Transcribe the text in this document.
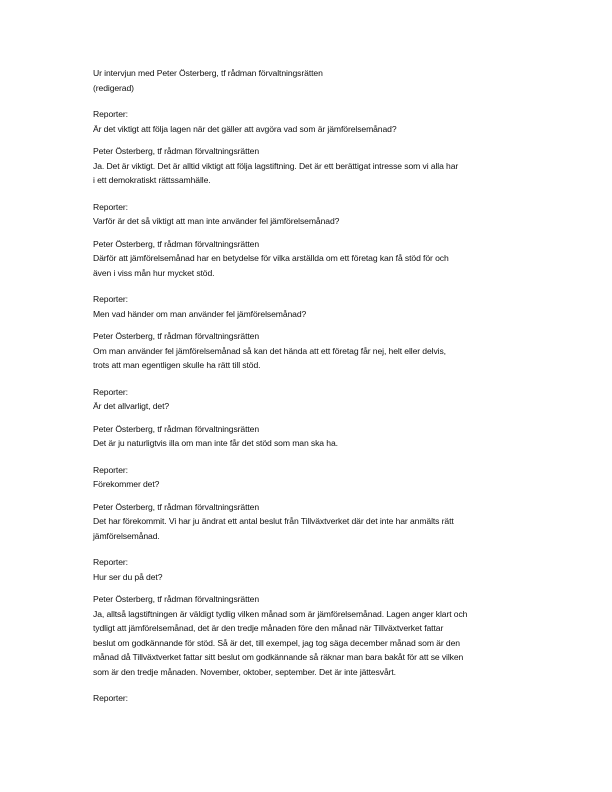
Ur intervjun med Peter Österberg, tf rådman förvaltningsrätten
(redigerad)
Reporter:
Är det viktigt att följa lagen när det gäller att avgöra vad som är jämförelsemånad?
Peter Österberg, tf rådman förvaltningsrätten
Ja. Det är viktigt. Det är alltid viktigt att följa lagstiftning. Det är ett berättigat intresse som vi alla har
i ett demokratiskt rättssamhälle.
Reporter:
Varför är det så viktigt att man inte använder fel jämförelsemånad?
Peter Österberg, tf rådman förvaltningsrätten
Därför att jämförelsemånad har en betydelse för vilka arställda om ett företag kan få stöd för och
även i viss mån hur mycket stöd.
Reporter:
Men vad händer om man använder fel jämförelsemånad?
Peter Österberg, tf rådman förvaltningsrätten
Om man använder fel jämförelsemånad så kan det hända att ett företag får nej, helt eller delvis,
trots att man egentligen skulle ha rätt till stöd.
Reporter:
Är det allvarligt, det?
Peter Österberg, tf rådman förvaltningsrätten
Det är ju naturligtvis illa om man inte får det stöd som man ska ha.
Reporter:
Förekommer det?
Peter Österberg, tf rådman förvaltningsrätten
Det har förekommit. Vi har ju ändrat ett antal beslut från Tillväxtverket där det inte har anmälts rätt
jämförelsemånad.
Reporter:
Hur ser du på det?
Peter Österberg, tf rådman förvaltningsrätten
Ja, alltså lagstiftningen är väldigt tydlig vilken månad som är jämförelsemånad. Lagen anger klart och
tydligt att jämförelsemånad, det är den tredje månaden före den månad när Tillväxtverket fattar
beslut om godkännande för stöd. Så är det, till exempel, jag tog säga december månad som är den
månad då Tillväxtverket fattar sitt beslut om godkännande så räknar man bara bakåt för att se vilken
som är den tredje månaden. November, oktober, september. Det är inte jättesvårt.
Reporter:
